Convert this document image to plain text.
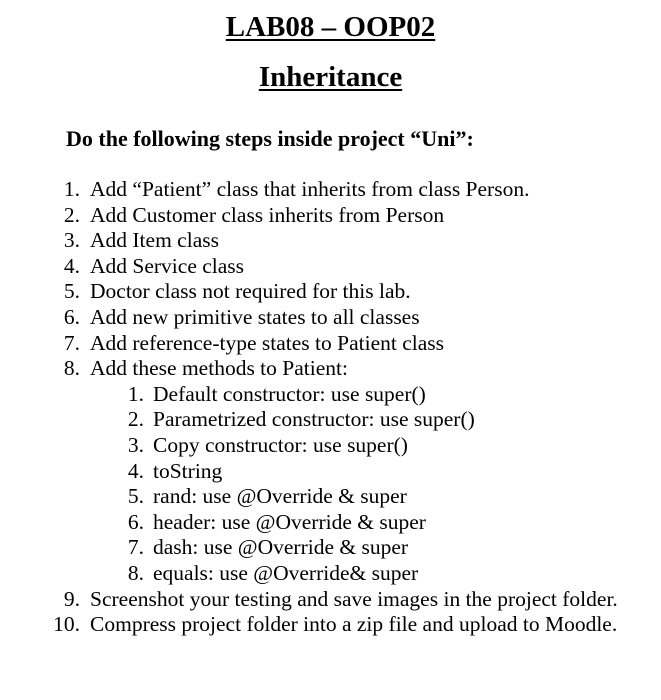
LAB08 – OOP02
Inheritance

Do the following steps inside project “Uni”:

1. Add “Patient” class that inherits from class Person.
2. Add Customer class inherits from Person
3. Add Item class
4. Add Service class
5. Doctor class not required for this lab.
6. Add new primitive states to all classes
7. Add reference-type states to Patient class
8. Add these methods to Patient:
1. Default constructor: use super()
2. Parametrized constructor: use super()
3. Copy constructor: use super()
4. toString
5. rand: use @Override & super
6. header: use @Override & super
7. dash: use @Override & super
8. equals: use @Override& super
9. Screenshot your testing and save images in the project folder.
10. Compress project folder into a zip file and upload to Moodle.
